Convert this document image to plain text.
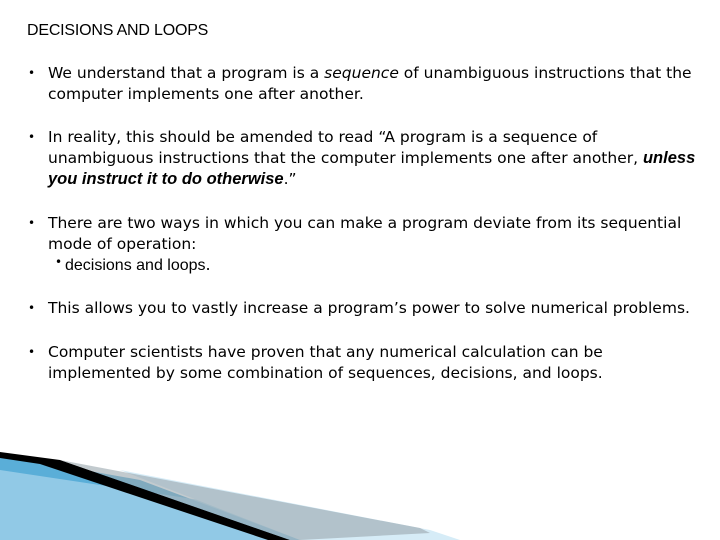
DECISIONS AND LOOPS
• We understand that a program is a sequence of unambiguous instructions that the computer implements one after another.
• In reality, this should be amended to read “A program is a sequence of unambiguous instructions that the computer implements one after another, unless you instruct it to do otherwise.”
• There are two ways in which you can make a program deviate from its sequential mode of operation:
• decisions and loops.
• This allows you to vastly increase a program’s power to solve numerical problems.
• Computer scientists have proven that any numerical calculation can be implemented by some combination of sequences, decisions, and loops.
